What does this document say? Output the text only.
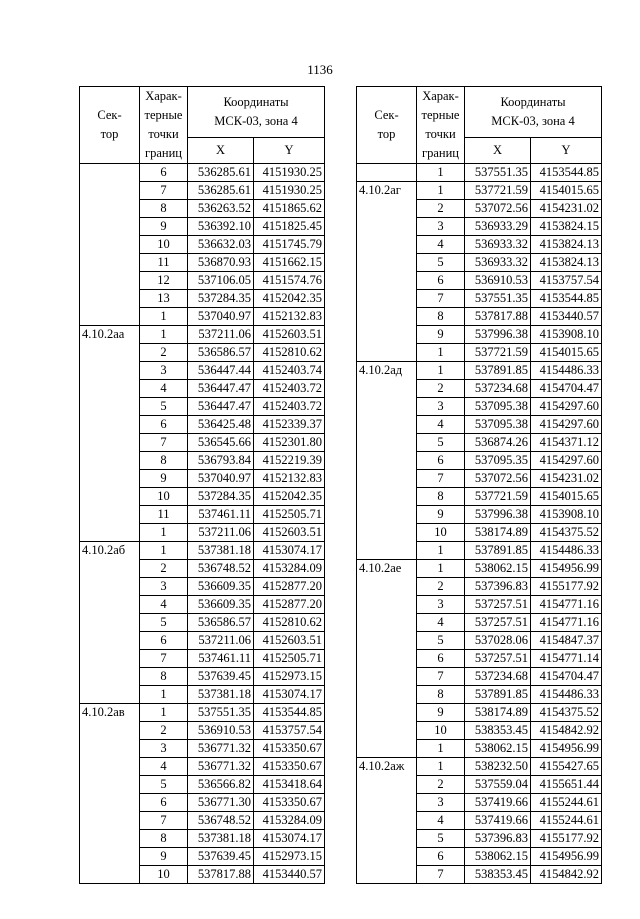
1136
Сек-
тор	Харак-
терные
точки
границ	Координаты
МСК-03, зона 4	
		X	Y
	6	536285.61	4151930.25
	7	536285.61	4151930.25
	8	536263.52	4151865.62
	9	536392.10	4151825.45
	10	536632.03	4151745.79
	11	536870.93	4151662.15
	12	537106.05	4151574.76
	13	537284.35	4152042.35
	1	537040.97	4152132.83
4.10.2аа	1	537211.06	4152603.51
	2	536586.57	4152810.62
	3	536447.44	4152403.74
	4	536447.47	4152403.72
	5	536447.47	4152403.72
	6	536425.48	4152339.37
	7	536545.66	4152301.80
	8	536793.84	4152219.39
	9	537040.97	4152132.83
	10	537284.35	4152042.35
	11	537461.11	4152505.71
	1	537211.06	4152603.51
4.10.2аб	1	537381.18	4153074.17
	2	536748.52	4153284.09
	3	536609.35	4152877.20
	4	536609.35	4152877.20
	5	536586.57	4152810.62
	6	537211.06	4152603.51
	7	537461.11	4152505.71
	8	537639.45	4152973.15
	1	537381.18	4153074.17
4.10.2ав	1	537551.35	4153544.85
	2	536910.53	4153757.54
	3	536771.32	4153350.67
	4	536771.32	4153350.67
	5	536566.82	4153418.64
	6	536771.30	4153350.67
	7	536748.52	4153284.09
	8	537381.18	4153074.17
	9	537639.45	4152973.15
	10	537817.88	4153440.57
Сек-
тор	Харак-
терные
точки
границ	Координаты
МСК-03, зона 4	
		X	Y
	1	537551.35	4153544.85
4.10.2аг	1	537721.59	4154015.65
	2	537072.56	4154231.02
	3	536933.29	4153824.15
	4	536933.32	4153824.13
	5	536933.32	4153824.13
	6	536910.53	4153757.54
	7	537551.35	4153544.85
	8	537817.88	4153440.57
	9	537996.38	4153908.10
	1	537721.59	4154015.65
4.10.2ад	1	537891.85	4154486.33
	2	537234.68	4154704.47
	3	537095.38	4154297.60
	4	537095.38	4154297.60
	5	536874.26	4154371.12
	6	537095.35	4154297.60
	7	537072.56	4154231.02
	8	537721.59	4154015.65
	9	537996.38	4153908.10
	10	538174.89	4154375.52
	1	537891.85	4154486.33
4.10.2ае	1	538062.15	4154956.99
	2	537396.83	4155177.92
	3	537257.51	4154771.16
	4	537257.51	4154771.16
	5	537028.06	4154847.37
	6	537257.51	4154771.14
	7	537234.68	4154704.47
	8	537891.85	4154486.33
	9	538174.89	4154375.52
	10	538353.45	4154842.92
	1	538062.15	4154956.99
4.10.2аж	1	538232.50	4155427.65
	2	537559.04	4155651.44
	3	537419.66	4155244.61
	4	537419.66	4155244.61
	5	537396.83	4155177.92
	6	538062.15	4154956.99
	7	538353.45	4154842.92
